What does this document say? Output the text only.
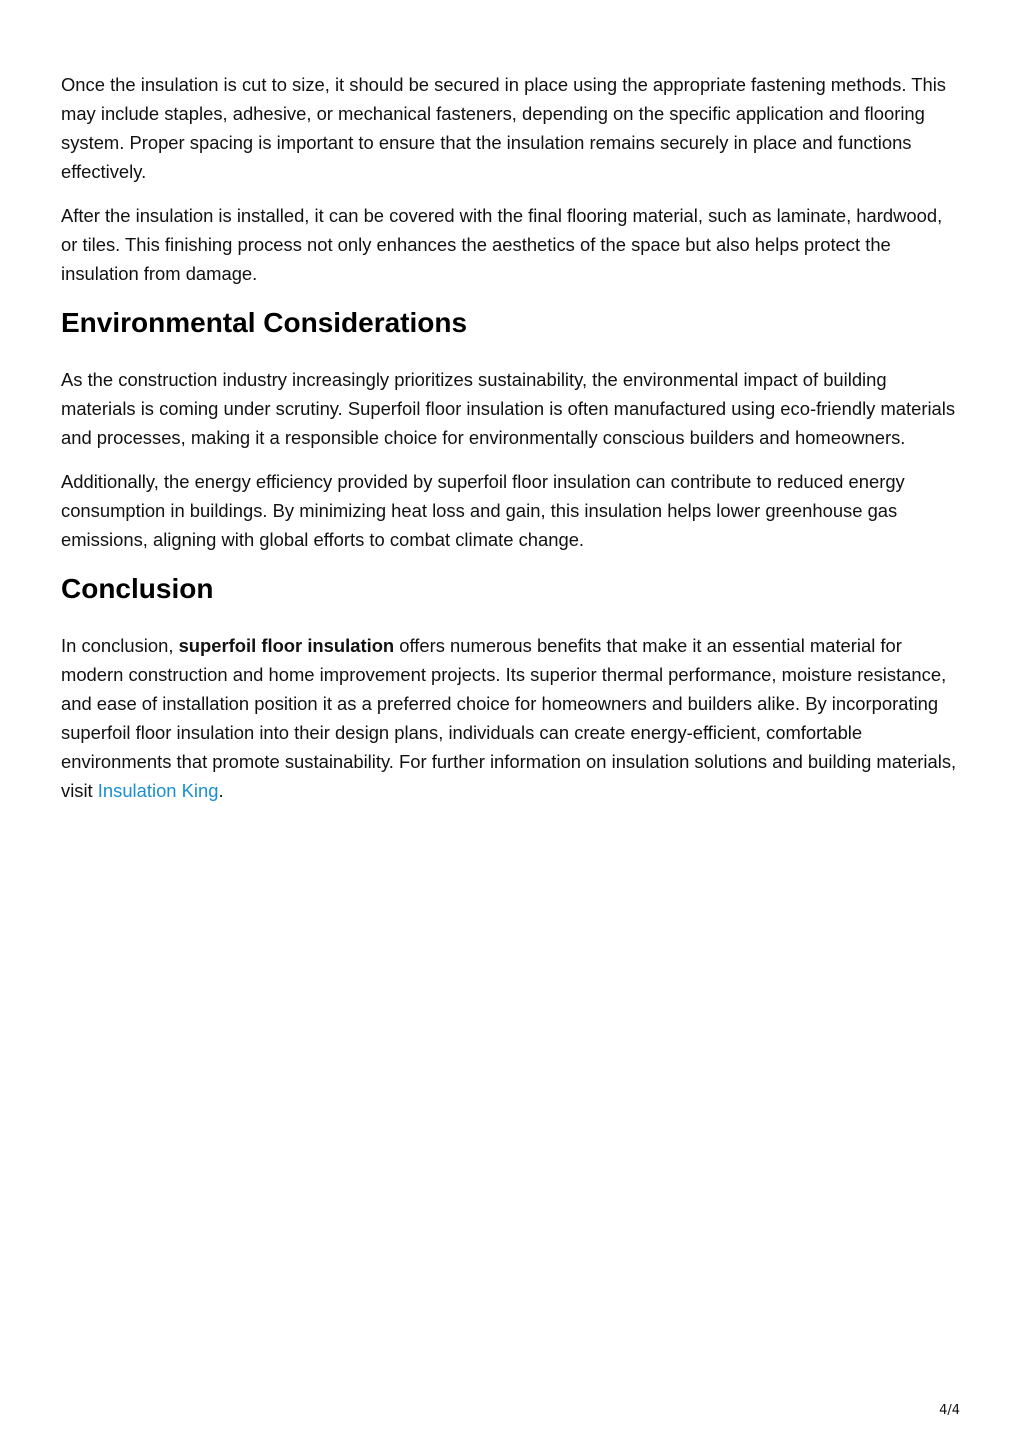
Once the insulation is cut to size, it should be secured in place using the appropriate fastening methods. This may include staples, adhesive, or mechanical fasteners, depending on the specific application and flooring system. Proper spacing is important to ensure that the insulation remains securely in place and functions effectively.

After the insulation is installed, it can be covered with the final flooring material, such as laminate, hardwood, or tiles. This finishing process not only enhances the aesthetics of the space but also helps protect the insulation from damage.

Environmental Considerations

As the construction industry increasingly prioritizes sustainability, the environmental impact of building materials is coming under scrutiny. Superfoil floor insulation is often manufactured using eco-friendly materials and processes, making it a responsible choice for environmentally conscious builders and homeowners.

Additionally, the energy efficiency provided by superfoil floor insulation can contribute to reduced energy consumption in buildings. By minimizing heat loss and gain, this insulation helps lower greenhouse gas emissions, aligning with global efforts to combat climate change.

Conclusion

In conclusion, superfoil floor insulation offers numerous benefits that make it an essential material for modern construction and home improvement projects. Its superior thermal performance, moisture resistance, and ease of installation position it as a preferred choice for homeowners and builders alike. By incorporating superfoil floor insulation into their design plans, individuals can create energy-efficient, comfortable environments that promote sustainability. For further information on insulation solutions and building materials, visit Insulation King.

4/4
